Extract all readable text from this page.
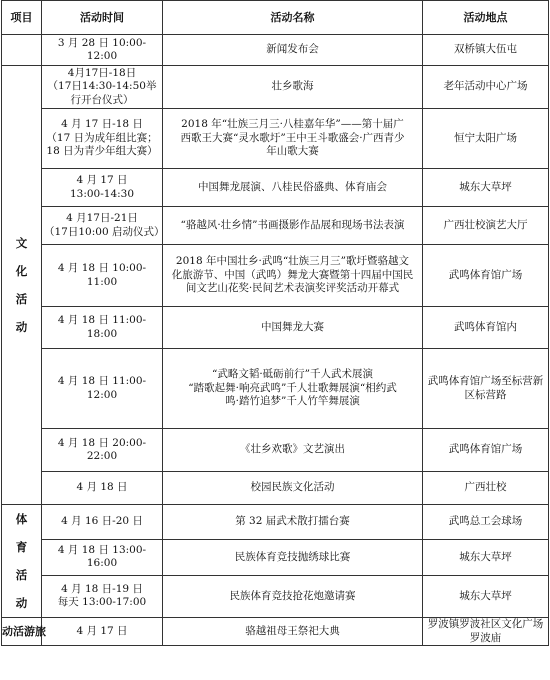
项目	活动时间	活动名称	活动地点
	3 月 28 日 10:00-12:00	新闻发布会	双桥镇大伍屯

文
化
活
动	4月17日-18日
（17日14:30-14:50举
行开台仪式）	壮乡歌海	老年活动中心广场
	4 月 17 日-18 日
（17 日为成年组比赛；
18 日为青少年组大赛）	2018 年“壮族三月三·八桂嘉年华”——第十届广
西歌王大赛“灵水歌圩”王中王斗歌盛会·广西青少
年山歌大赛	恒宁太阳广场
	4 月 17 日
13:00-14:30	中国舞龙展演、八桂民俗盛典、体育庙会	城东大草坪
	4 月17日-21日
（17日10:00 启动仪式）	“骆越风·壮乡情”书画摄影作品展和现场书法表演	广西壮校演艺大厅
	4 月 18 日 10:00-11:00	2018 年中国壮乡·武鸣“壮族三月三”歌圩暨骆越文
化旅游节、中国（武鸣）舞龙大赛暨第十四届中国民
间文艺山花奖·民间艺术表演奖评奖活动开幕式	武鸣体育馆广场
	4 月 18 日 11:00-18:00	中国舞龙大赛	武鸣体育馆内
	4 月 18 日 11:00-12:00	“武略文韬·砥砺前行”千人武术展演
“踏歌起舞·响亮武鸣”千人壮歌舞展演“相约武
鸣·踏竹追梦”千人竹竿舞展演	武鸣体育馆广场至标营新
区标营路
	4 月 18 日 20:00-22:00	《壮乡欢歌》文艺演出	武鸣体育馆广场
	4 月 18 日	校园民族文化活动	广西壮校

体
育
活
动	4 月 16 日-20 日	第 32 届武术散打擂台赛	武鸣总工会球场
	4 月 18 日 13:00-16:00	民族体育竞技抛绣球比赛	城东大草坪
	4 月 18 日-19 日
每天 13:00-17:00	民族体育竞技抢花炮邀请赛	城东大草坪
动活游旅	4 月 17 日	骆越祖母王祭祀大典	罗波镇罗波社区文化广场
罗波庙
